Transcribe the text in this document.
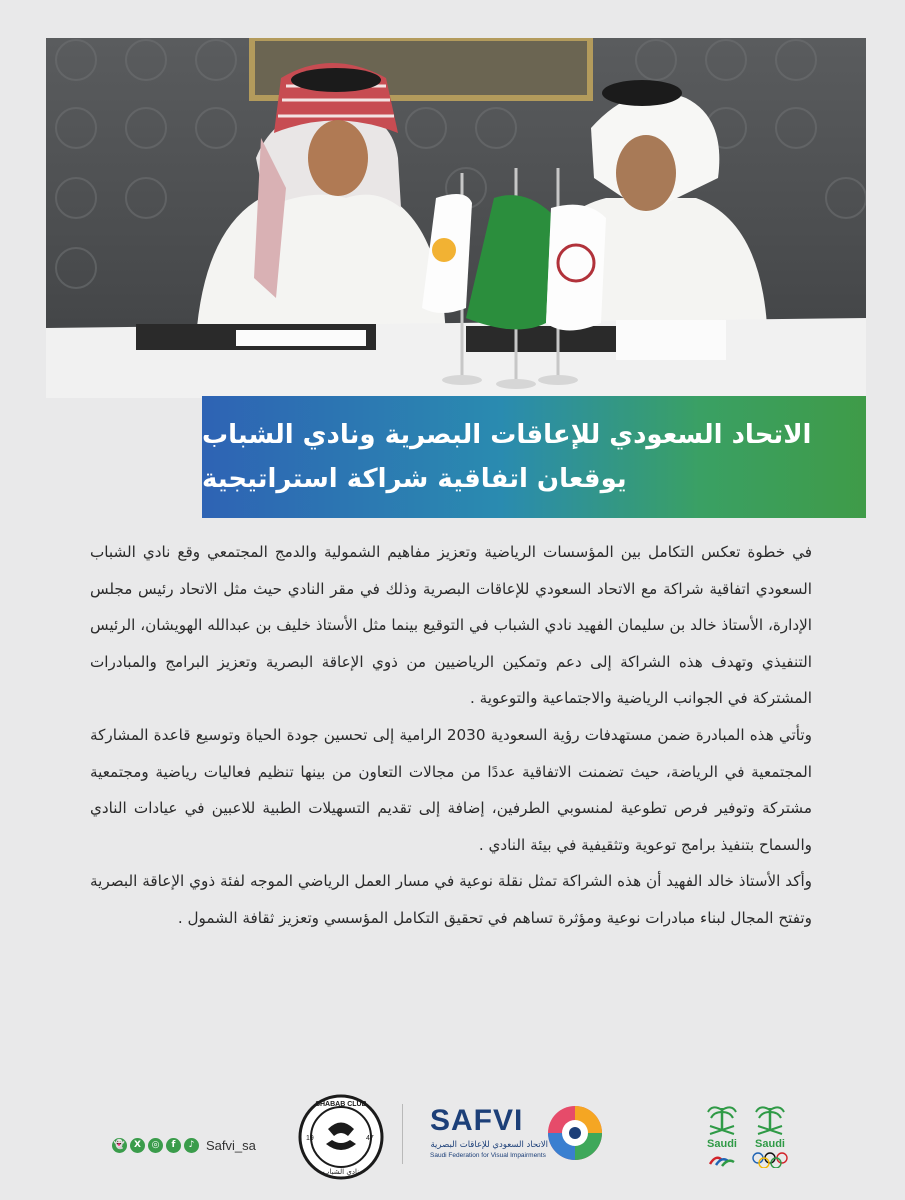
الاتحاد السعودي للإعاقات البصرية ونادي الشباب
يوقعان اتفاقية شراكة استراتيجية

في خطوة تعكس التكامل بين المؤسسات الرياضية وتعزيز مفاهيم الشمولية والدمج المجتمعي وقع نادي الشباب السعودي اتفاقية شراكة مع الاتحاد السعودي للإعاقات البصرية وذلك في مقر النادي حيث مثل الاتحاد رئيس مجلس الإدارة، الأستاذ خالد بن سليمان الفهيد نادي الشباب في التوقيع بينما مثل الأستاذ خليف بن عبدالله الهويشان، الرئيس التنفيذي وتهدف هذه الشراكة إلى دعم وتمكين الرياضيين من ذوي الإعاقة البصرية وتعزيز البرامج والمبادرات المشتركة في الجوانب الرياضية والاجتماعية والتوعوية .

وتأتي هذه المبادرة ضمن مستهدفات رؤية السعودية 2030 الرامية إلى تحسين جودة الحياة وتوسيع قاعدة المشاركة المجتمعية في الرياضة، حيث تضمنت الاتفاقية عددًا من مجالات التعاون من بينها تنظيم فعاليات رياضية ومجتمعية مشتركة وتوفير فرص تطوعية لمنسوبي الطرفين، إضافة إلى تقديم التسهيلات الطبية للاعبين في عيادات النادي والسماح بتنفيذ برامج توعوية وتثقيفية في بيئة النادي .

وأكد الأستاذ خالد الفهيد أن هذه الشراكة تمثل نقلة نوعية في مسار العمل الرياضي الموجه لفئة ذوي الإعاقة البصرية وتفتح المجال لبناء مبادرات نوعية ومؤثرة تساهم في تحقيق التكامل المؤسسي وتعزيز ثقافة الشمول .

👻 X	◎	f	♪ Safvi_sa
SHABAB CLUB
19	47
نادي الشباب
SAFVI
الاتحاد السعودي للإعاقات البصرية
Saudi Federation for Visual Impairments
Saudi	Saudi
